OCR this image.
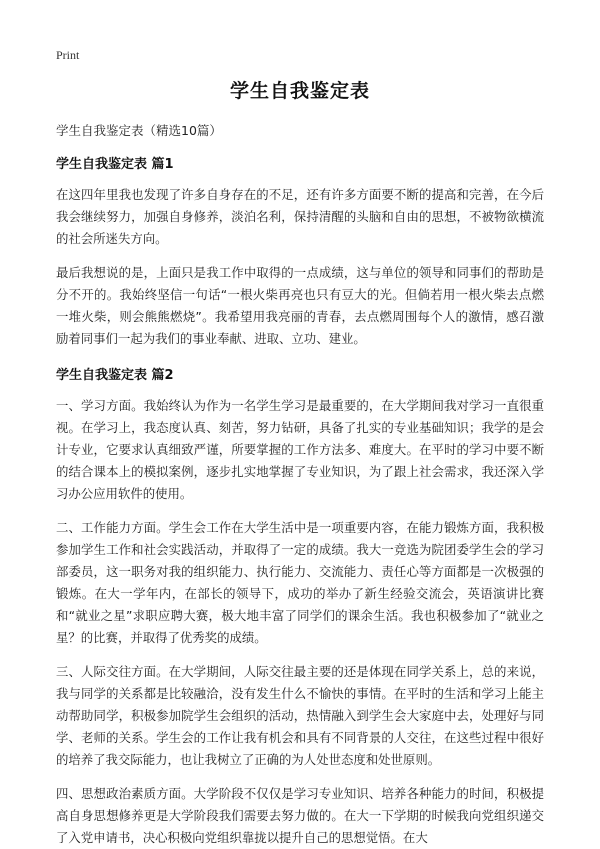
Print
学生自我鉴定表
学生自我鉴定表（精选10篇）
学生自我鉴定表 篇1
在这四年里我也发现了许多自身存在的不足，还有许多方面要不断的提高和完善，在今后我会继续努力，加强自身修养，淡泊名利，保持清醒的头脑和自由的思想，不被物欲横流的社会所迷失方向。
最后我想说的是，上面只是我工作中取得的一点成绩，这与单位的领导和同事们的帮助是分不开的。我始终坚信一句话“一根火柴再亮也只有豆大的光。但倘若用一根火柴去点燃一堆火柴，则会熊熊燃烧”。我希望用我亮丽的青春，去点燃周围每个人的激情，感召激励着同事们一起为我们的事业奉献、进取、立功、建业。
学生自我鉴定表 篇2
一、学习方面。我始终认为作为一名学生学习是最重要的，在大学期间我对学习一直很重视。在学习上，我态度认真、刻苦，努力钻研，具备了扎实的专业基础知识；我学的是会计专业，它要求认真细致严谨，所要掌握的工作方法多、难度大。在平时的学习中要不断的结合课本上的模拟案例，逐步扎实地掌握了专业知识，为了跟上社会需求，我还深入学习办公应用软件的使用。
二、工作能力方面。学生会工作在大学生活中是一项重要内容，在能力锻炼方面，我积极参加学生工作和社会实践活动，并取得了一定的成绩。我大一竞选为院团委学生会的学习部委员，这一职务对我的组织能力、执行能力、交流能力、责任心等方面都是一次极强的锻炼。在大一学年内，在部长的领导下，成功的举办了新生经验交流会，英语演讲比赛和“就业之星”求职应聘大赛，极大地丰富了同学们的课余生活。我也积极参加了“就业之星？的比赛，并取得了优秀奖的成绩。
三、人际交往方面。在大学期间，人际交往最主要的还是体现在同学关系上，总的来说，我与同学的关系都是比较融洽，没有发生什么不愉快的事情。在平时的生活和学习上能主动帮助同学，积极参加院学生会组织的活动，热情融入到学生会大家庭中去，处理好与同学、老师的关系。学生会的工作让我有机会和具有不同背景的人交往，在这些过程中很好的培养了我交际能力，也让我树立了正确的为人处世态度和处世原则。
四、思想政治素质方面。大学阶段不仅仅是学习专业知识、培养各种能力的时间，积极提高自身思想修养更是大学阶段我们需要去努力做的。在大一下学期的时候我向党组织递交了入党申请书，决心积极向党组织靠拢以提升自己的思想觉悟。在大
